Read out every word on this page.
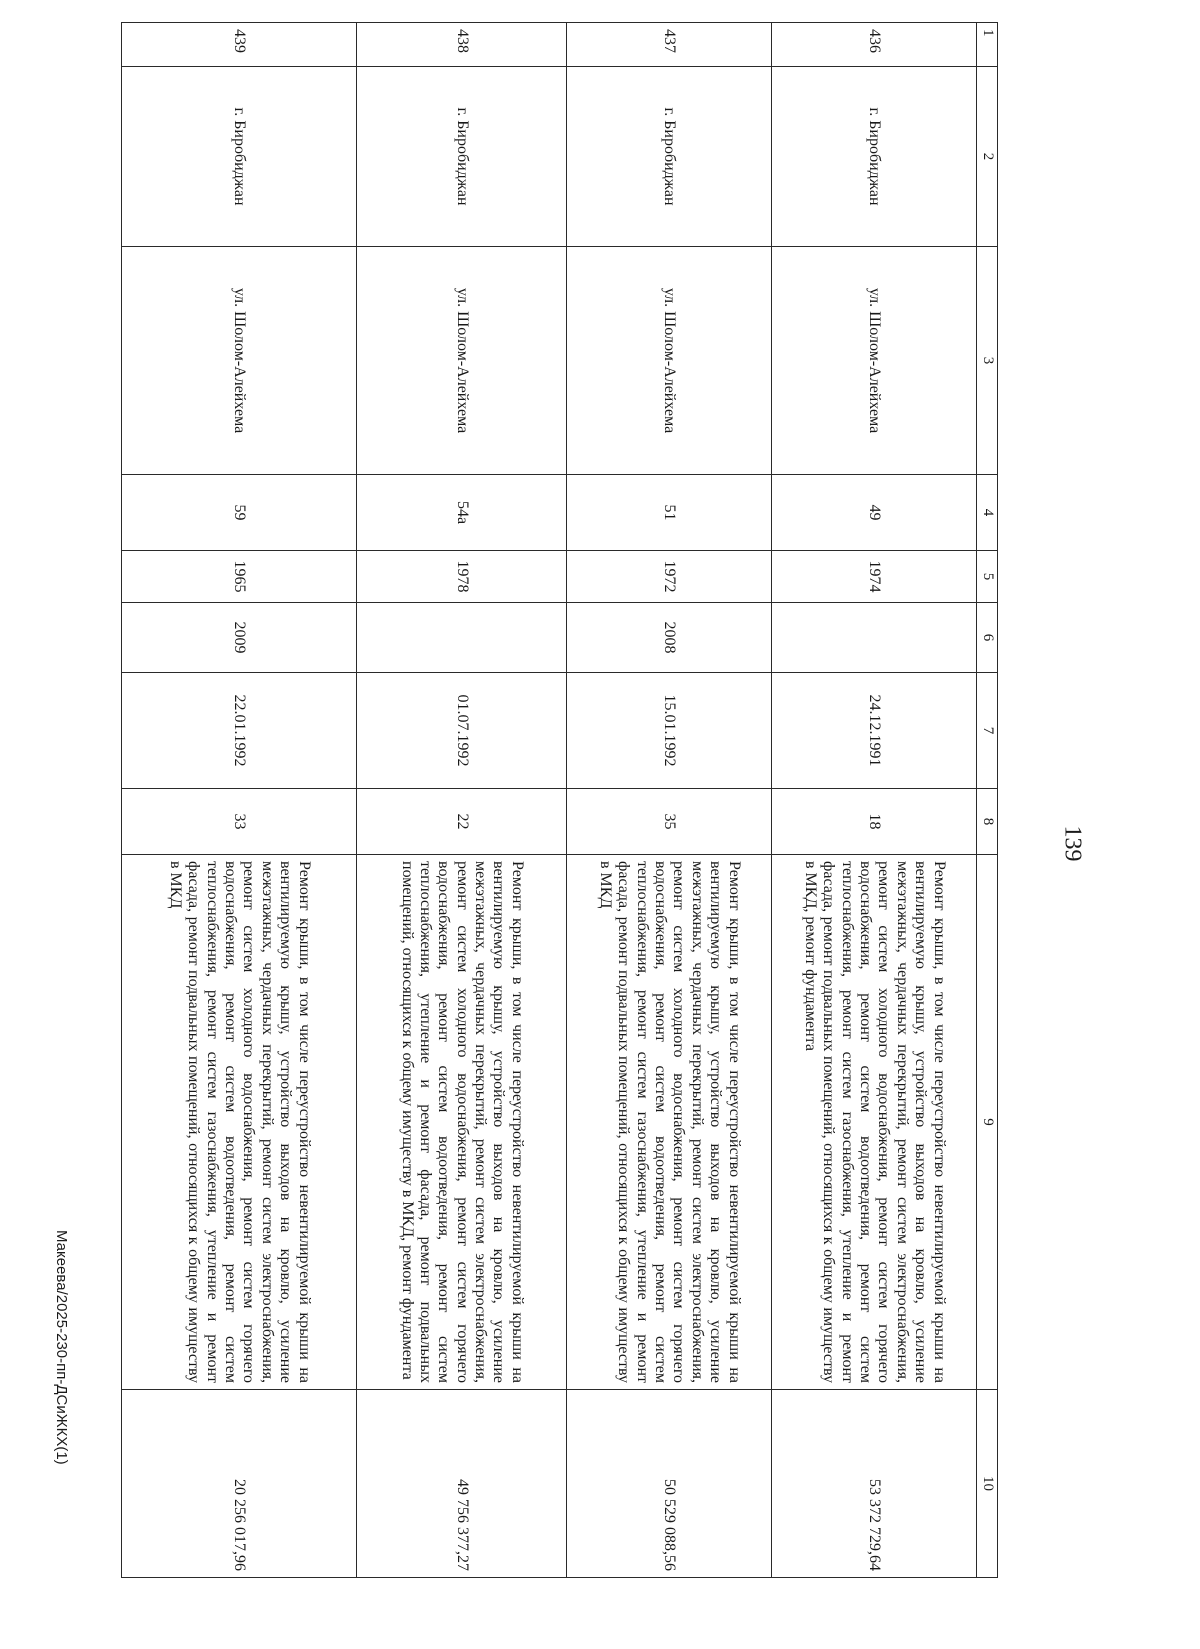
139
Макеева/2025-230-пп-ДСиЖКХ(1)
1	2	3	4	5	6	7	8	9	10
436	г. Биробиджан	ул. Шолом-Алейхема	49	1974		24.12.1991	18	Ремонт крыши, в том числе переустройство невентилируемой крыши на вентилируемую крышу, устройство выходов на кровлю, усиление межэтажных, чердачных перекрытий, ремонт систем электроснабжения, ремонт систем холодного водоснабжения, ремонт систем горячего водоснабжения, ремонт систем водоотведения, ремонт систем теплоснабжения, ремонт систем газоснабжения, утепление и ремонт фасада, ремонт подвальных помещений, относящихся к общему имуществу в МКД, ремонт фундамента	53 372 729,64
437	г. Биробиджан	ул. Шолом-Алейхема	51	1972	2008	15.01.1992	35	Ремонт крыши, в том числе переустройство невентилируемой крыши на вентилируемую крышу, устройство выходов на кровлю, усиление межэтажных, чердачных перекрытий, ремонт систем электроснабжения, ремонт систем холодного водоснабжения, ремонт систем горячего водоснабжения, ремонт систем водоотведения, ремонт систем теплоснабжения, ремонт систем газоснабжения, утепление и ремонт фасада, ремонт подвальных помещений, относящихся к общему имуществу в МКД	50 529 088,56
438	г. Биробиджан	ул. Шолом-Алейхема	54а	1978		01.07.1992	22	Ремонт крыши, в том числе переустройство невентилируемой крыши на вентилируемую крышу, устройство выходов на кровлю, усиление межэтажных, чердачных перекрытий, ремонт систем электроснабжения, ремонт систем холодного водоснабжения, ремонт систем горячего водоснабжения, ремонт систем водоотведения, ремонт систем теплоснабжения, утепление и ремонт фасада, ремонт подвальных помещений, относящихся к общему имуществу в МКД, ремонт фундамента	49 756 377,27
439	г. Биробиджан	ул. Шолом-Алейхема	59	1965	2009	22.01.1992	33	Ремонт крыши, в том числе переустройство невентилируемой крыши на вентилируемую крышу, устройство выходов на кровлю, усиление межэтажных, чердачных перекрытий, ремонт систем электроснабжения, ремонт систем холодного водоснабжения, ремонт систем горячего водоснабжения, ремонт систем водоотведения, ремонт систем теплоснабжения, ремонт систем газоснабжения, утепление и ремонт фасада, ремонт подвальных помещений, относящихся к общему имуществу в МКД	20 256 017,96
